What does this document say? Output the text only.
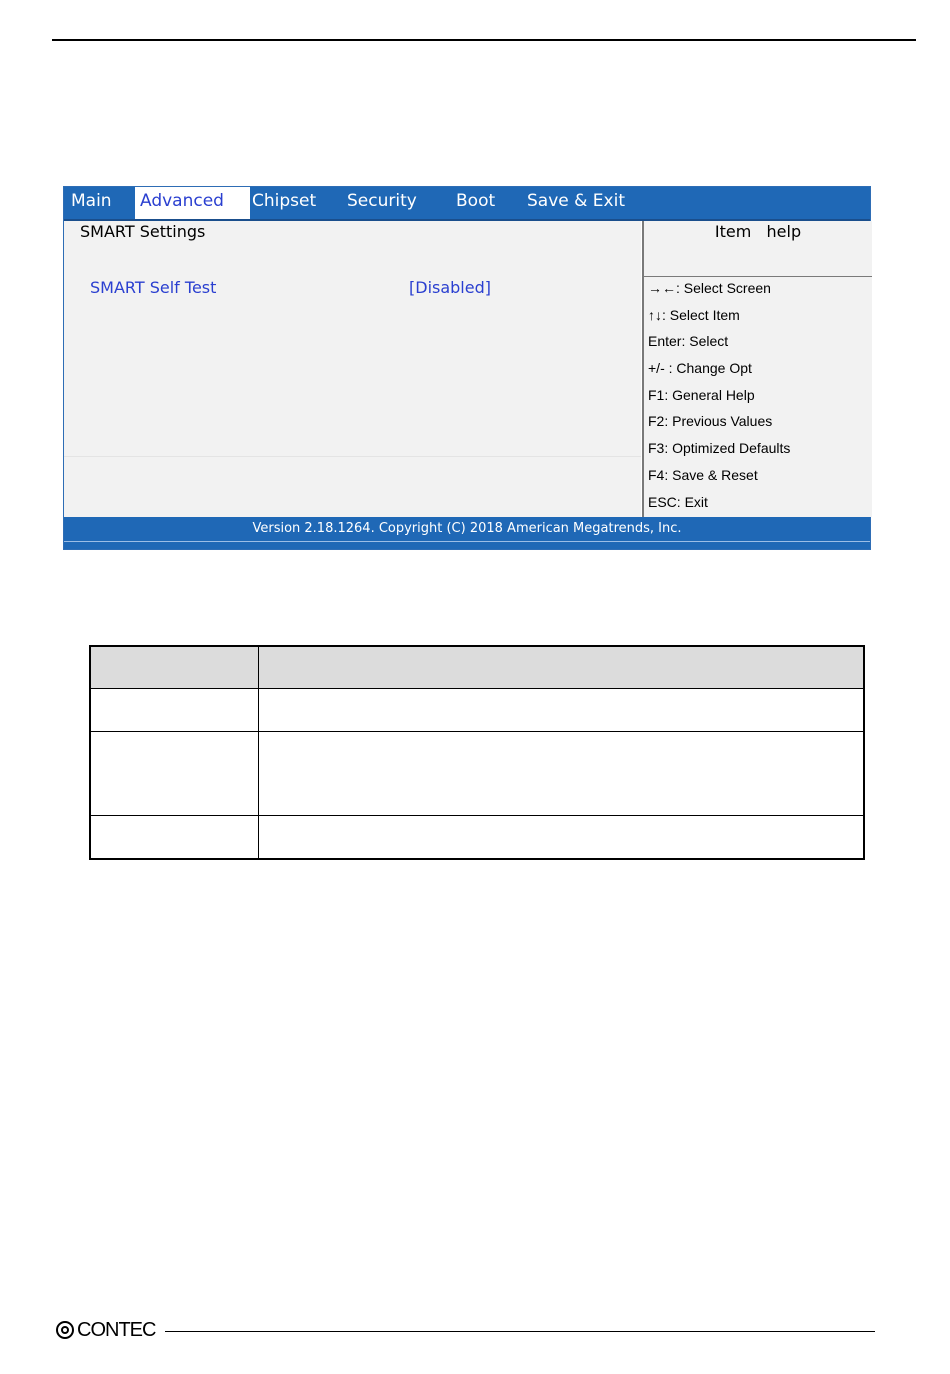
Main Advanced	Chipset Security Boot Save & Exit
SMART Settings
SMART Self Test	[Disabled]
Item   help
→←: Select Screen
↑↓: Select Item
Enter: Select
+/- : Change Opt
F1: General Help
F2: Previous Values
F3: Optimized Defaults
F4: Save & Reset
ESC: Exit
Version 2.18.1264. Copyright (C) 2018 American Megatrends, Inc.

CONTEC
